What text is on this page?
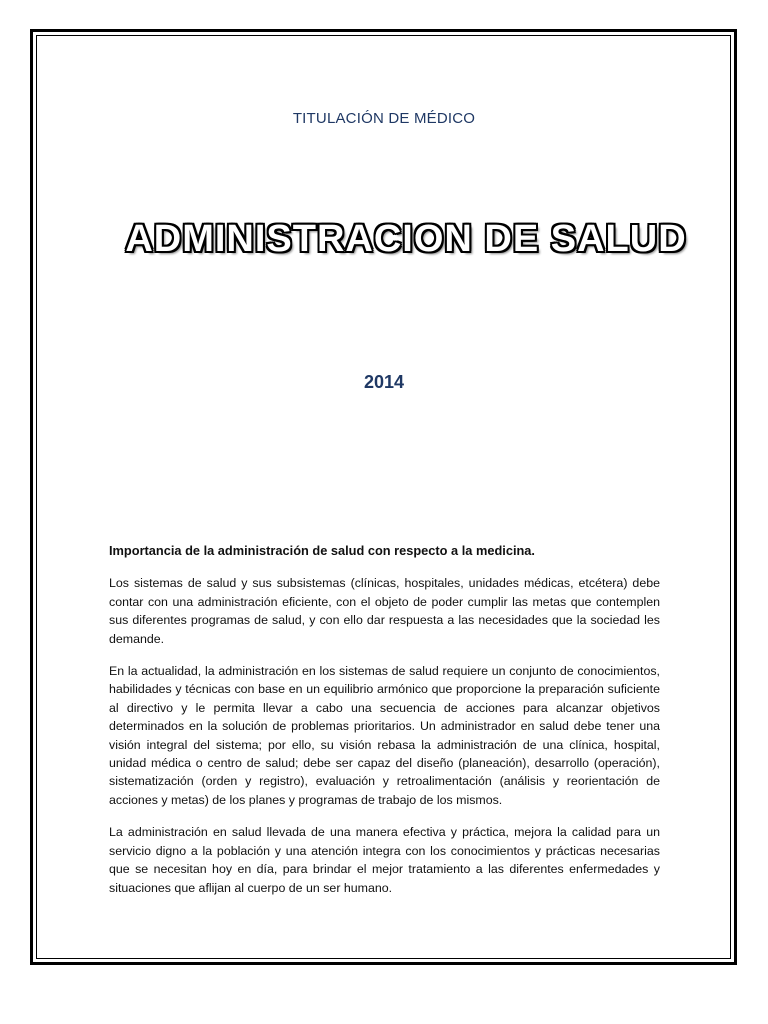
TITULACIÓN DE MÉDICO
ADMINISTRACION DE SALUD
2014
Importancia de la administración de salud con respecto a la medicina.

Los sistemas de salud y sus subsistemas (clínicas, hospitales, unidades médicas, etcétera) debe contar con una administración eficiente, con el objeto de poder cumplir las metas que contemplen sus diferentes programas de salud, y con ello dar respuesta a las necesidades que la sociedad les demande.

En la actualidad, la administración en los sistemas de salud requiere un conjunto de conocimientos, habilidades y técnicas con base en un equilibrio armónico que proporcione la preparación suficiente al directivo y le permita llevar a cabo una secuencia de acciones para alcanzar objetivos determinados en la solución de problemas prioritarios. Un administrador en salud debe tener una visión integral del sistema; por ello, su visión rebasa la administración de una clínica, hospital, unidad médica o centro de salud; debe ser capaz del diseño (planeación), desarrollo (operación), sistematización (orden y registro), evaluación y retroalimentación (análisis y reorientación de acciones y metas) de los planes y programas de trabajo de los mismos.

La administración en salud llevada de una manera efectiva y práctica, mejora la calidad para un servicio digno a la población y una atención integra con los conocimientos y prácticas necesarias que se necesitan hoy en día, para brindar el mejor tratamiento a las diferentes enfermedades y situaciones que aflijan al cuerpo de un ser humano.
